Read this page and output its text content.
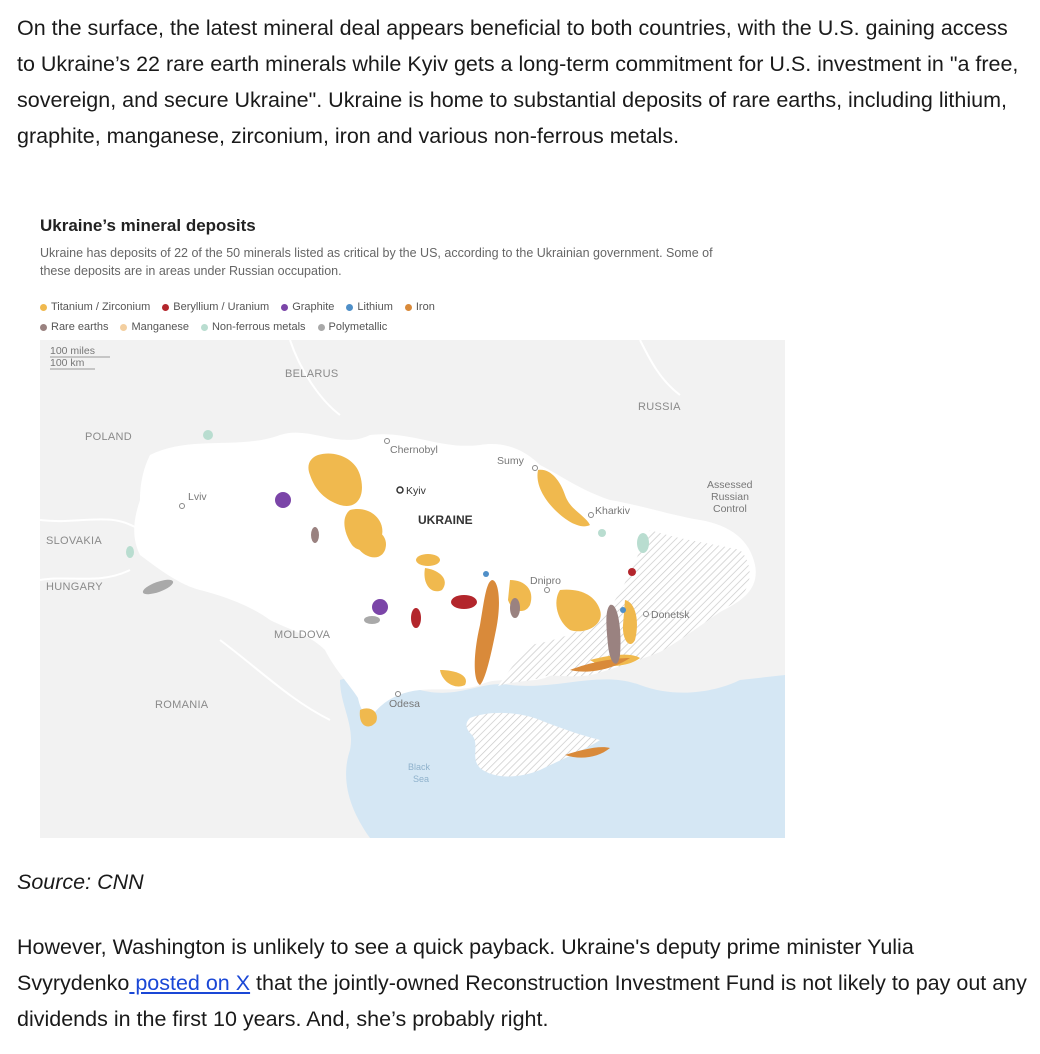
On the surface, the latest mineral deal appears beneficial to both countries, with the U.S. gaining access to Ukraine’s 22 rare earth minerals while Kyiv gets a long-term commitment for U.S. investment in "a free, sovereign, and secure Ukraine". Ukraine is home to substantial deposits of rare earths, including lithium, graphite, manganese, zirconium, iron and various non-ferrous metals.

Ukraine’s mineral deposits
Ukraine has deposits of 22 of the 50 minerals listed as critical by the US, according to the Ukrainian government. Some of these deposits are in areas under Russian occupation.
Titanium / Zirconium Beryllium / Uranium Graphite Lithium Iron
Rare earths Manganese Non-ferrous metals Polymetallic
100 miles
100 km
BELARUS
RUSSIA
POLAND
SLOVAKIA
HUNGARY
MOLDOVA
ROMANIA
UKRAINE
Black
Sea
Assessed
Russian
Control
Chernobyl
Kyiv
Sumy
Lviv
Kharkiv
Dnipro
Donetsk
Odesa
Source: CNN

However, Washington is unlikely to see a quick payback. Ukraine's deputy prime minister Yulia Svyrydenko posted on X that the jointly-owned Reconstruction Investment Fund is not likely to pay out any dividends in the first 10 years. And, she’s probably right.
